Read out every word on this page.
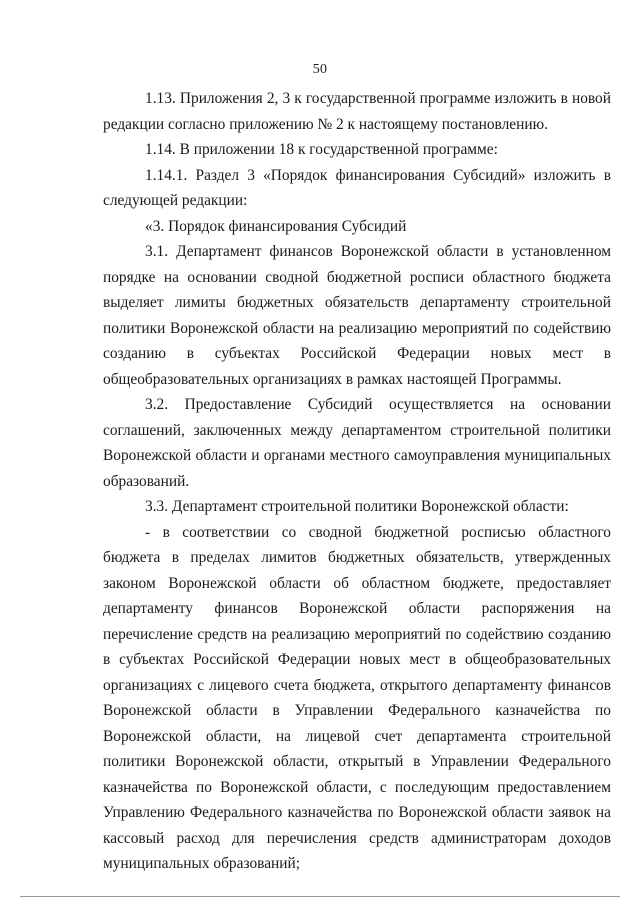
50

1.13. Приложения 2, 3 к государственной программе изложить в новой редакции согласно приложению № 2 к настоящему постановлению.

1.14. В приложении 18 к государственной программе:

1.14.1. Раздел 3 «Порядок финансирования Субсидий» изложить в следующей редакции:

«3. Порядок финансирования Субсидий

3.1. Департамент финансов Воронежской области в установленном порядке на основании сводной бюджетной росписи областного бюджета выделяет лимиты бюджетных обязательств департаменту строительной политики Воронежской области на реализацию мероприятий по содействию созданию в субъектах Российской Федерации новых мест в общеобразовательных организациях в рамках настоящей Программы.

3.2. Предоставление Субсидий осуществляется на основании соглашений, заключенных между департаментом строительной политики Воронежской области и органами местного самоуправления муниципальных образований.

3.3. Департамент строительной политики Воронежской области:

- в соответствии со сводной бюджетной росписью областного бюджета в пределах лимитов бюджетных обязательств, утвержденных законом Воронежской области об областном бюджете, предоставляет департаменту финансов Воронежской области распоряжения на перечисление средств на реализацию мероприятий по содействию созданию в субъектах Российской Федерации новых мест в общеобразовательных организациях с лицевого счета бюджета, открытого департаменту финансов Воронежской области в Управлении Федерального казначейства по Воронежской области, на лицевой счет департамента строительной политики Воронежской области, открытый в Управлении Федерального казначейства по Воронежской области, с последующим предоставлением Управлению Федерального казначейства по Воронежской области заявок на кассовый расход для перечисления средств администраторам доходов муниципальных образований;
